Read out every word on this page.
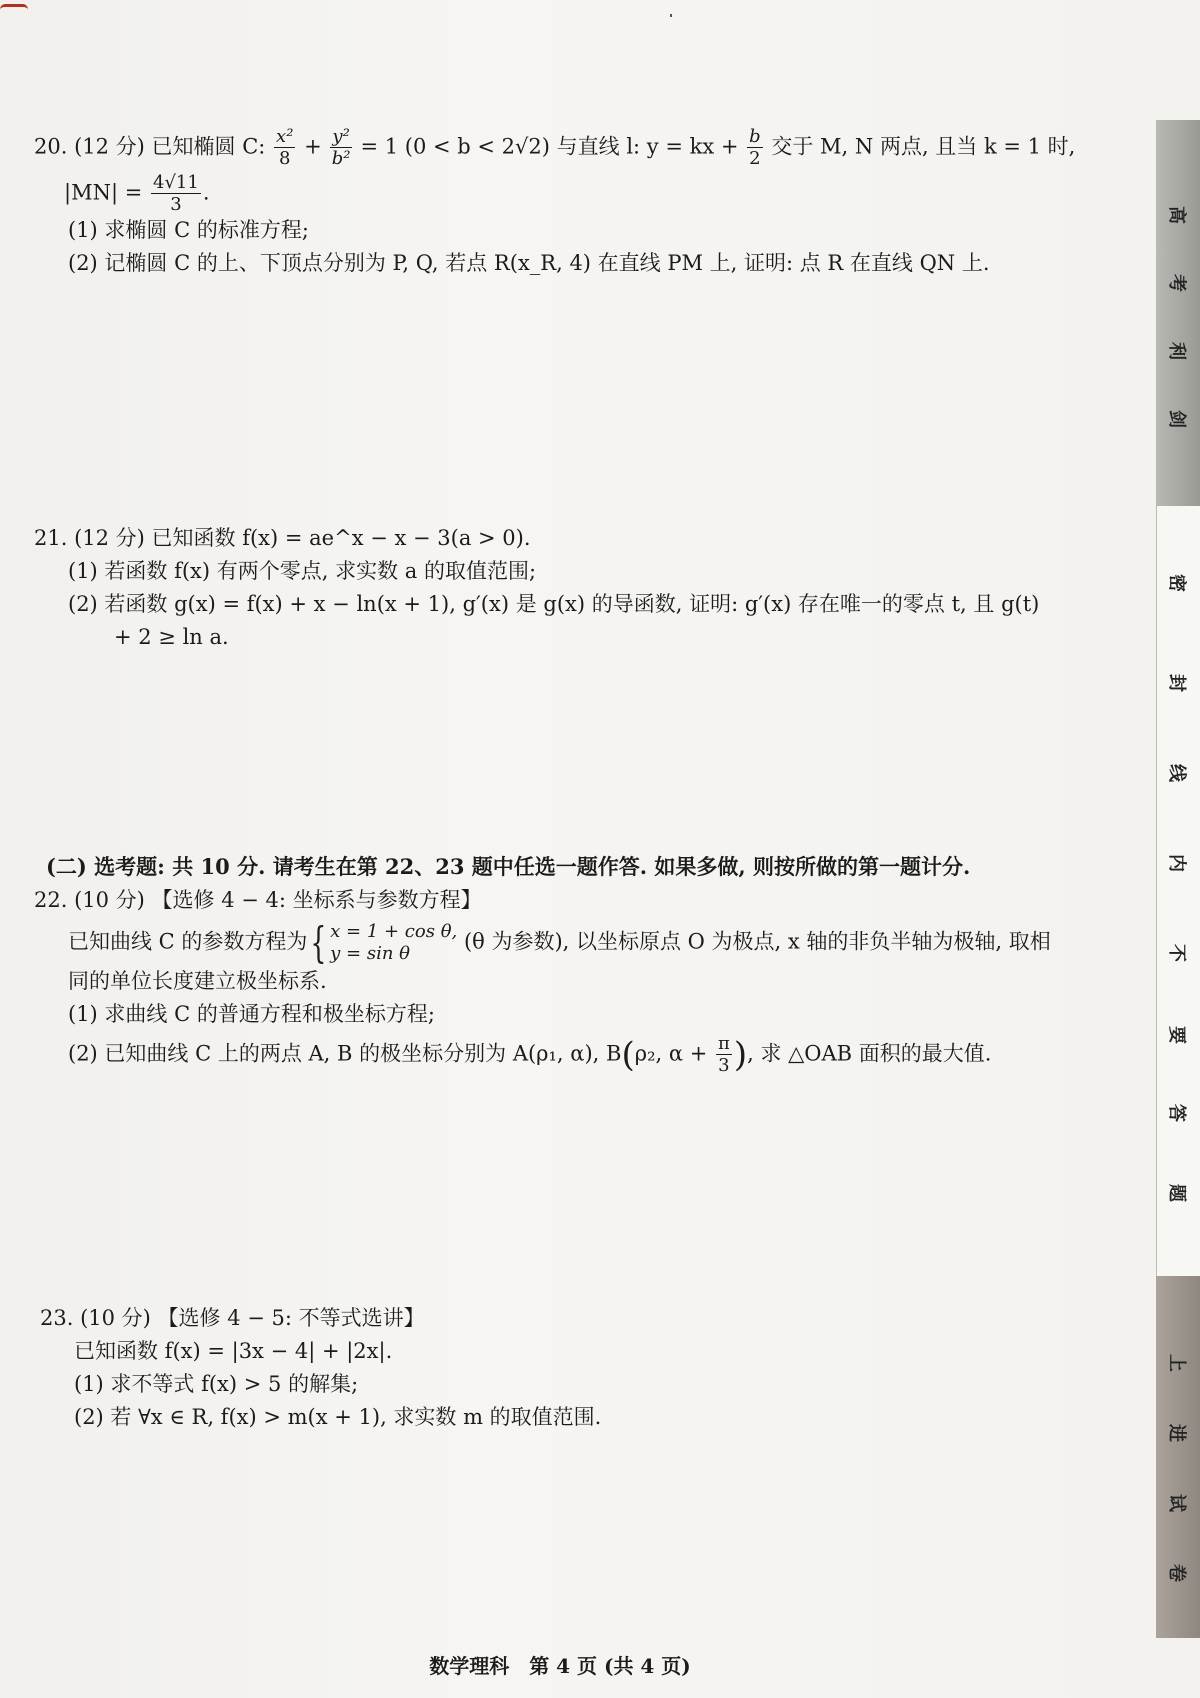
20. (12 分) 已知椭圆 C: $\frac{\text{x²}}{8} + \frac{\text{y²}}{\text{b²}} = 1$ (0 < b < 2√2) 与直线 l: y = kx + $\frac{b}{2}$ 交于 M, N 两点, 且当 k = 1 时,
$|MN| = \frac{4√11}{3}$ .
(1) 求椭圆 C 的标准方程;
(2) 记椭圆 C 的上、下顶点分别为 P, Q, 若点 R(x_R, 4) 在直线 PM 上, 证明: 点 R 在直线 QN 上.
21. (12 分) 已知函数 f(x) = ae^x − x − 3(a > 0).
(1) 若函数 f(x) 有两个零点, 求实数 a 的取值范围;
(2) 若函数 g(x) = f(x) + x − ln(x + 1), g′(x) 是 g(x) 的导函数, 证明: g′(x) 存在唯一的零点 t, 且 g(t)
+ 2 ≥ ln a.
(二) 选考题: 共 10 分. 请考生在第 22、23 题中任选一题作答. 如果多做, 则按所做的第一题计分.
22. (10 分) 【选修 4 − 4: 坐标系与参数方程】
已知曲线 C 的参数方程为{ x = 1 + cos θ,
y = sin θ	(θ 为参数), 以坐标原点 O 为极点, x 轴的非负半轴为极轴, 取相
同的单位长度建立极坐标系.
(1) 求曲线 C 的普通方程和极坐标方程;
(2) 已知曲线 C 上的两点 A, B 的极坐标分别为 A(ρ₁, α), B(ρ₂, $\alpha + \frac{\pi}{3}$ ), 求 △OAB 面积的最大值.
23. (10 分) 【选修 4 − 5: 不等式选讲】
已知函数 f(x) = |3x − 4| + |2x|.
(1) 求不等式 f(x) > 5 的解集;
(2) 若 ∀x ∈ R, f(x) > m(x + 1), 求实数 m 的取值范围.
数学理科　第 4 页 (共 4 页)
高
考
利
剑
密
封
线
内
不
要
答
题
上
进
试
卷
